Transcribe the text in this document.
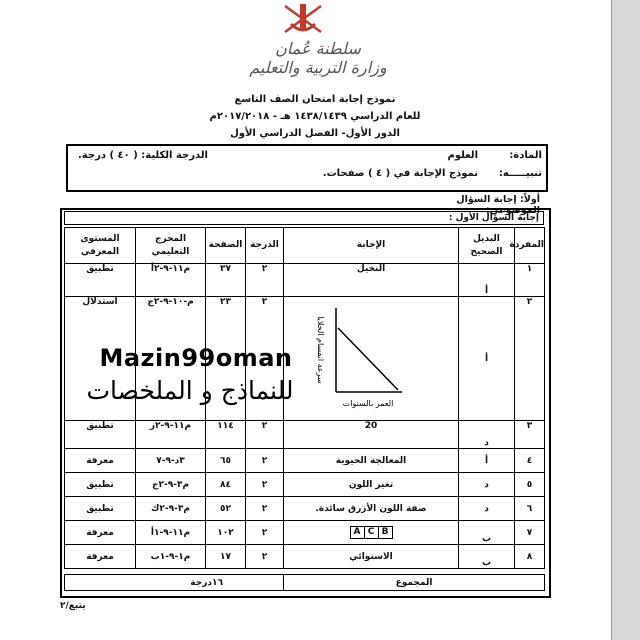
سلطنة عُمان
وزارة التربية والتعليم
نموذج إجابة امتحان الصف التاسع
للعام الدراسي ١٤٣٨/١٤٣٩ هـ - ٢٠١٧/٢٠١٨م
الدور الأول- الفصل الدراسي الأول
المادة:
العلوم
الدرجة الكلية: ( ٤٠ ) درجة.
تنبيـــــه:
نموذج الإجابة في ( ٤ ) صفحات.
أولاً: إجابة السؤال الموضوعي:
إجابة السؤال الأول :
المفردة	البديل الصحيح	الإجابة	الدرجة	الصفحة	المخرج التعليمي	المستوى المعرفي
١	أ	النخيل	٢	٣٧	م١١-٩-٢أ	تطبيق
٢	أ		٢	٢٣	م-١٠-٩-٢ج	استدلال
٣	د	20	٢	١١٤	م١١-٩-٢ز	تطبيق
٤	أ	المعالجة الحيوية	٢	٦٥	٣د-٩-٧	معرفة
٥	د	تغير اللون	٢	٨٤	م٣-٩-٢ج	تطبيق
٦	د	صفة اللون الأزرق سائدة.	٢	٥٢	م٣-٩-٢ك	تطبيق
٧	ب	A C B	٢	١٠٢	م١١-٩-١أ	معرفة
٨	ب	الاستوائي	٢	١٧	م١-٩-١ب	معرفة
سرعة انقسام الخلايا
العمر بالسنوات
المجموع	١٦درجة
يتبع/٢
Mazin99oman
للنماذج و الملخصات
